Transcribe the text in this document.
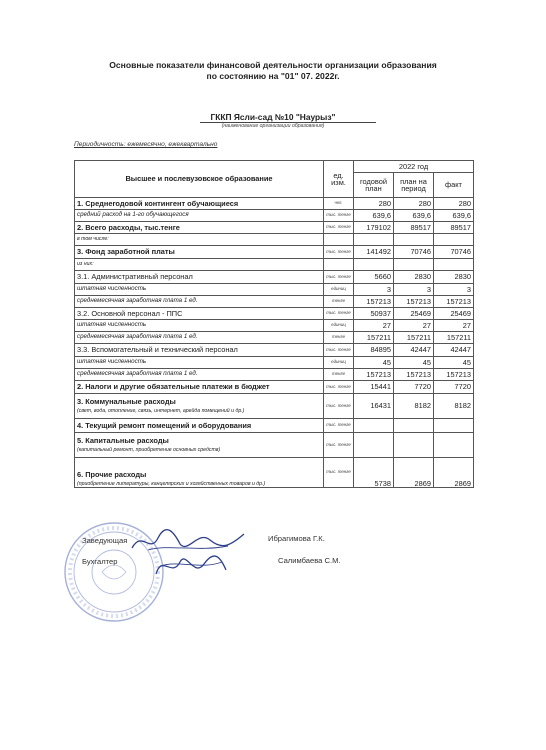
Основные показатели финансовой деятельности организации образования
по состоянию на "01" 07. 2022г.
ГККП Ясли-сад №10 "Наурыз"
(наименование организации образования)
Периодичность: ежемесячно, ежеквартально
Высшее и послевузовское образование	ед. изм.	2022 год		
		годовой план	план на период	факт
1. Среднегодовой контингент обучающиеся	чел.	280	280	280
средний расход на 1-го обучающегося	тыс. тенге	639,6	639,6	639,6
2. Всего расходы, тыс.тенге	тыс. тенге	179102	89517	89517
в том числе:				
3. Фонд заработной платы	тыс. тенге	141492	70746	70746
из них:				
3.1. Административный персонал	тыс. тенге	5660	2830	2830
штатная численность	единиц	3	3	3
среднемесячная заработная плата 1 ед.	тенге	157213	157213	157213
3.2. Основной персонал - ППС	тыс. тенге	50937	25469	25469
штатная численность	единиц	27	27	27
среднемесячная заработная плата 1 ед.	тенге	157211	157211	157211
3.3. Вспомогательный и технический персонал	тыс. тенге	84895	42447	42447
штатная численность	единиц	45	45	45
среднемесячная заработная плата 1 ед.	тенге	157213	157213	157213
2. Налоги и другие обязательные платежи в бюджет	тыс. тенге	15441	7720	7720
3. Коммунальные расходы
(свет, вода, отопление, связь, интернет, арейда помещений и др.)	тыс. тенге	16431	8182	8182
4. Текущий ремонт помещений и оборудования	тыс. тенге			
5. Капитальные расходы
(капитальный ремонт, приобретение основных средств)	тыс. тенге			
6. Прочие расходы
(приобретение литературы, канцелярских и хозяйственных товаров и др.)	тыс. тенге	5738	2869	2869
Заведующая	Ибрагимова Г.К.
Бухгалтер	Салимбаева С.М.
